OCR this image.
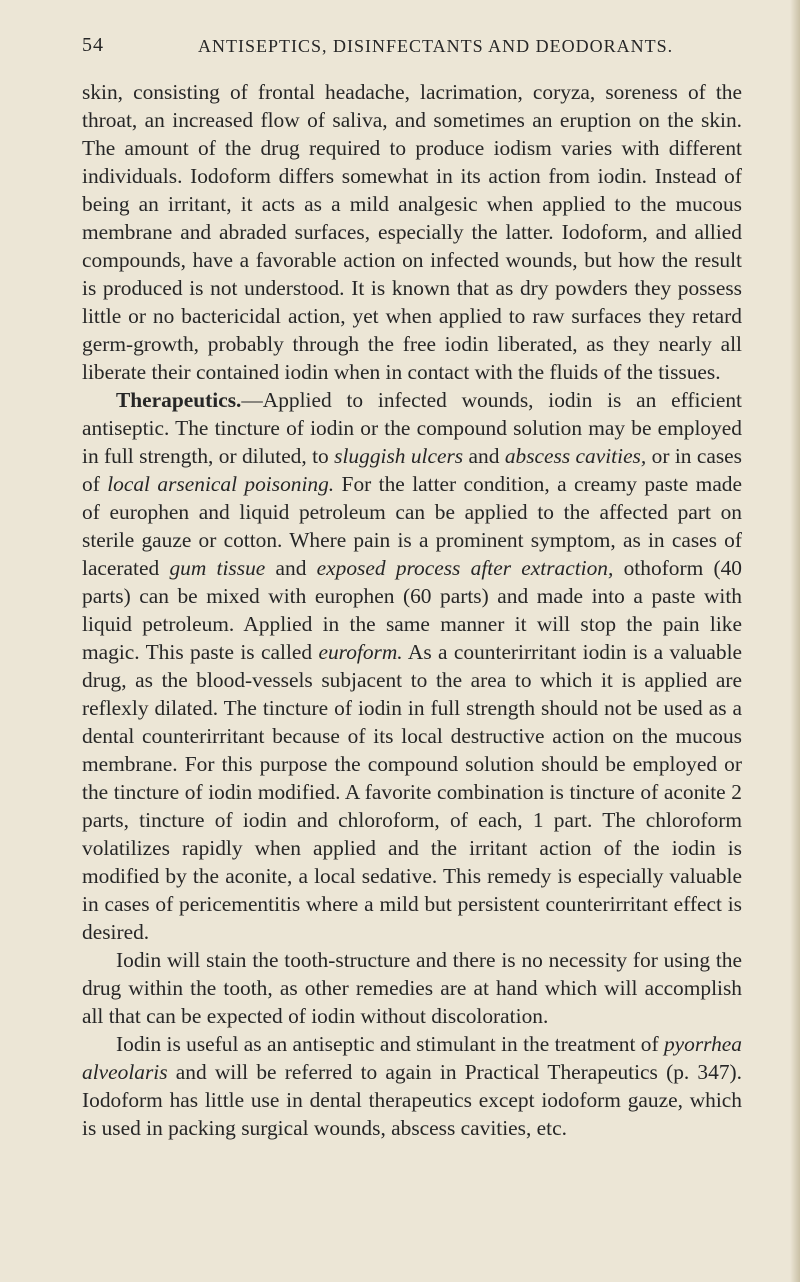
54	ANTISEPTICS, DISINFECTANTS AND DEODORANTS.

skin, consisting of frontal headache, lacrimation, coryza, soreness of the throat, an increased flow of saliva, and sometimes an eruption on the skin. The amount of the drug required to produce iodism varies with different individuals. Iodoform differs somewhat in its action from iodin. Instead of being an irritant, it acts as a mild analgesic when applied to the mucous membrane and abraded surfaces, especially the latter. Iodoform, and allied compounds, have a favorable action on infected wounds, but how the result is produced is not understood. It is known that as dry powders they possess little or no bactericidal action, yet when applied to raw surfaces they retard germ-growth, probably through the free iodin liberated, as they nearly all liberate their contained iodin when in contact with the fluids of the tissues.

Therapeutics.—Applied to infected wounds, iodin is an efficient antiseptic. The tincture of iodin or the compound solution may be employed in full strength, or diluted, to sluggish ulcers and abscess cavities, or in cases of local arsenical poisoning. For the latter condition, a creamy paste made of europhen and liquid petroleum can be applied to the affected part on sterile gauze or cotton. Where pain is a prominent symptom, as in cases of lacerated gum tissue and exposed process after extraction, othoform (40 parts) can be mixed with europhen (60 parts) and made into a paste with liquid petroleum. Applied in the same manner it will stop the pain like magic. This paste is called euroform. As a counterirritant iodin is a valuable drug, as the blood-vessels subjacent to the area to which it is applied are reflexly dilated. The tincture of iodin in full strength should not be used as a dental counterirritant because of its local destructive action on the mucous membrane. For this purpose the compound solution should be employed or the tincture of iodin modified. A favorite combination is tincture of aconite 2 parts, tincture of iodin and chloroform, of each, 1 part. The chloroform volatilizes rapidly when applied and the irritant action of the iodin is modified by the aconite, a local sedative. This remedy is especially valuable in cases of pericementitis where a mild but persistent counterirritant effect is desired.

Iodin will stain the tooth-structure and there is no necessity for using the drug within the tooth, as other remedies are at hand which will accomplish all that can be expected of iodin without discoloration.

Iodin is useful as an antiseptic and stimulant in the treatment of pyorrhea alveolaris and will be referred to again in Practical Therapeutics (p. 347). Iodoform has little use in dental therapeutics except iodoform gauze, which is used in packing surgical wounds, abscess cavities, etc.
